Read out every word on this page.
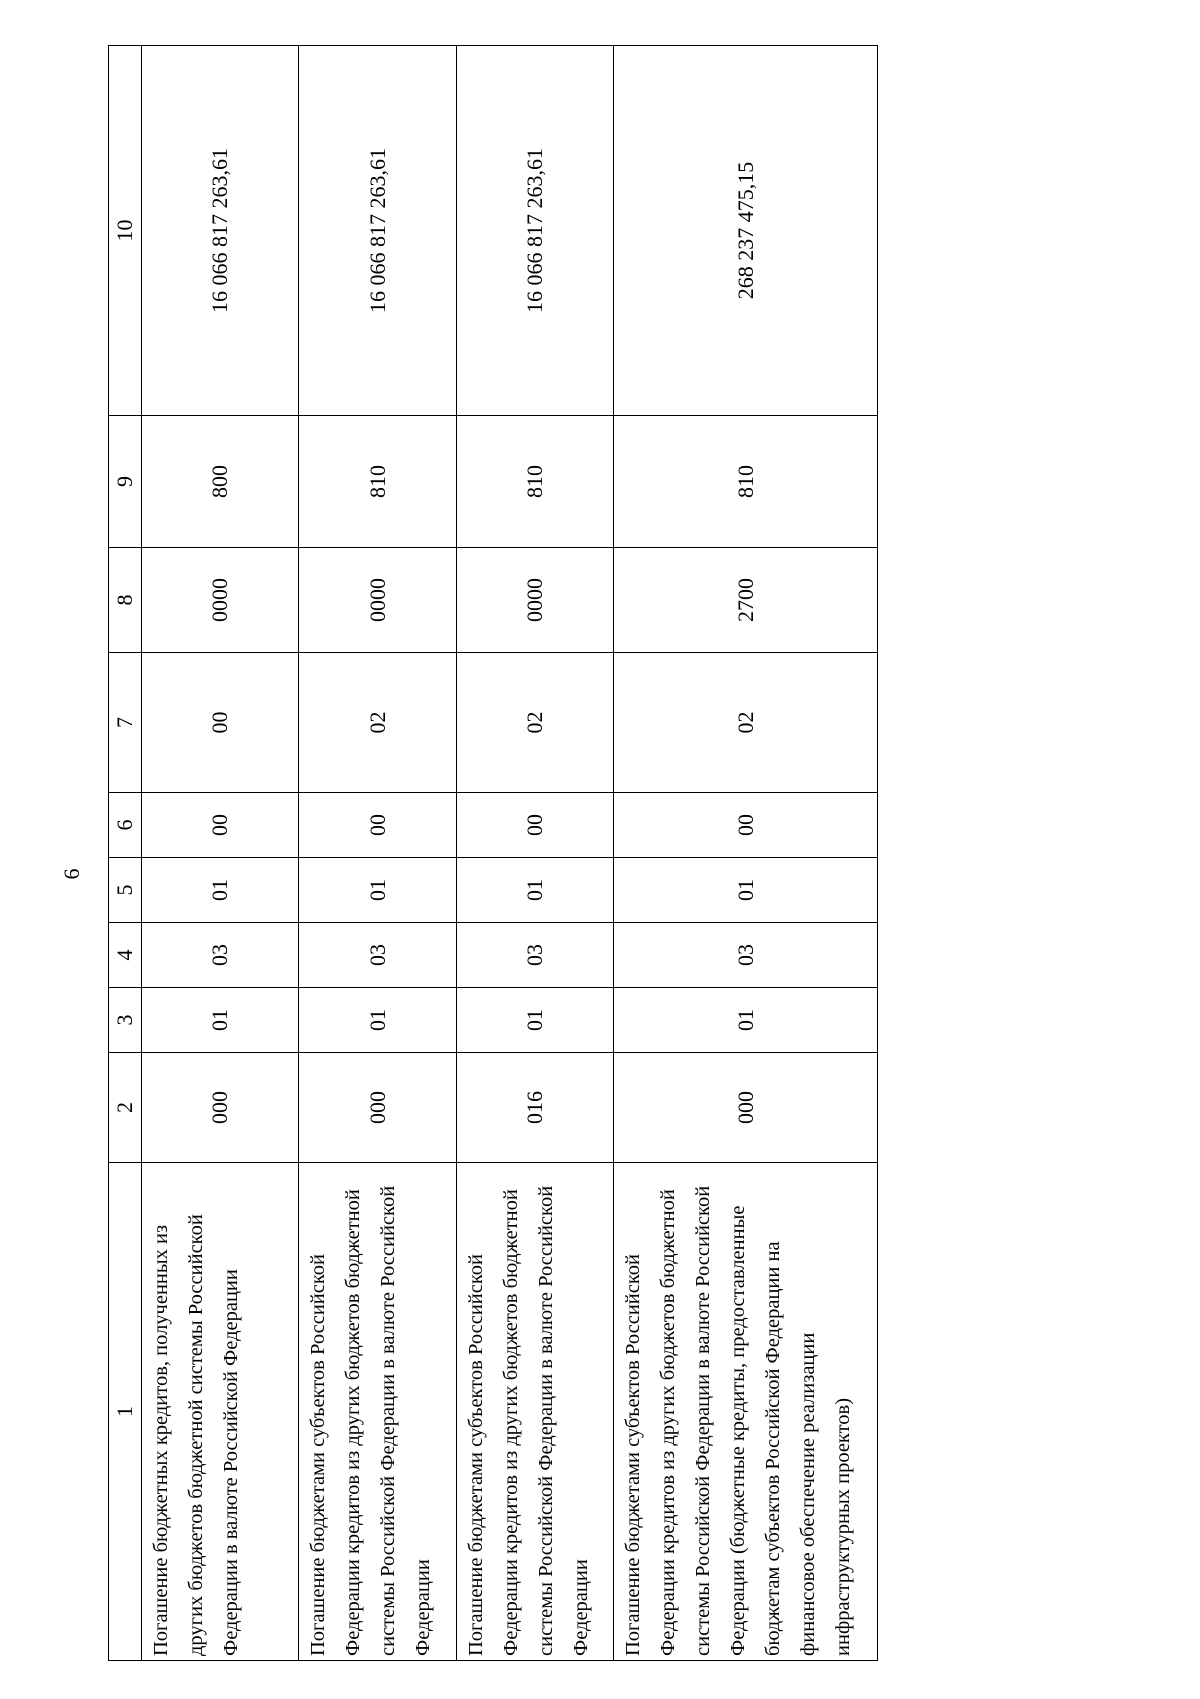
6
1	2	3	4	5	6	7	8	9	10
Погашение бюджетных кредитов, полученных из других бюджетов бюджетной системы Российской Федерации в валюте Российской Федерации	000	01	03	01	00	00	0000	800	16 066 817 263,61
Погашение бюджетами субъектов Российской Федерации кредитов из других бюджетов бюджетной системы Российской Федерации в валюте Российской Федерации	000	01	03	01	00	02	0000	810	16 066 817 263,61
Погашение бюджетами субъектов Российской Федерации кредитов из других бюджетов бюджетной системы Российской Федерации в валюте Российской Федерации	016	01	03	01	00	02	0000	810	16 066 817 263,61
Погашение бюджетами субъектов Российской Федерации кредитов из других бюджетов бюджетной системы Российской Федерации в валюте Российской Федерации (бюджетные кредиты, предоставленные бюджетам субъектов Российской Федерации на финансовое обеспечение реализации инфраструктурных проектов)	000	01	03	01	00	02	2700	810	268 237 475,15
